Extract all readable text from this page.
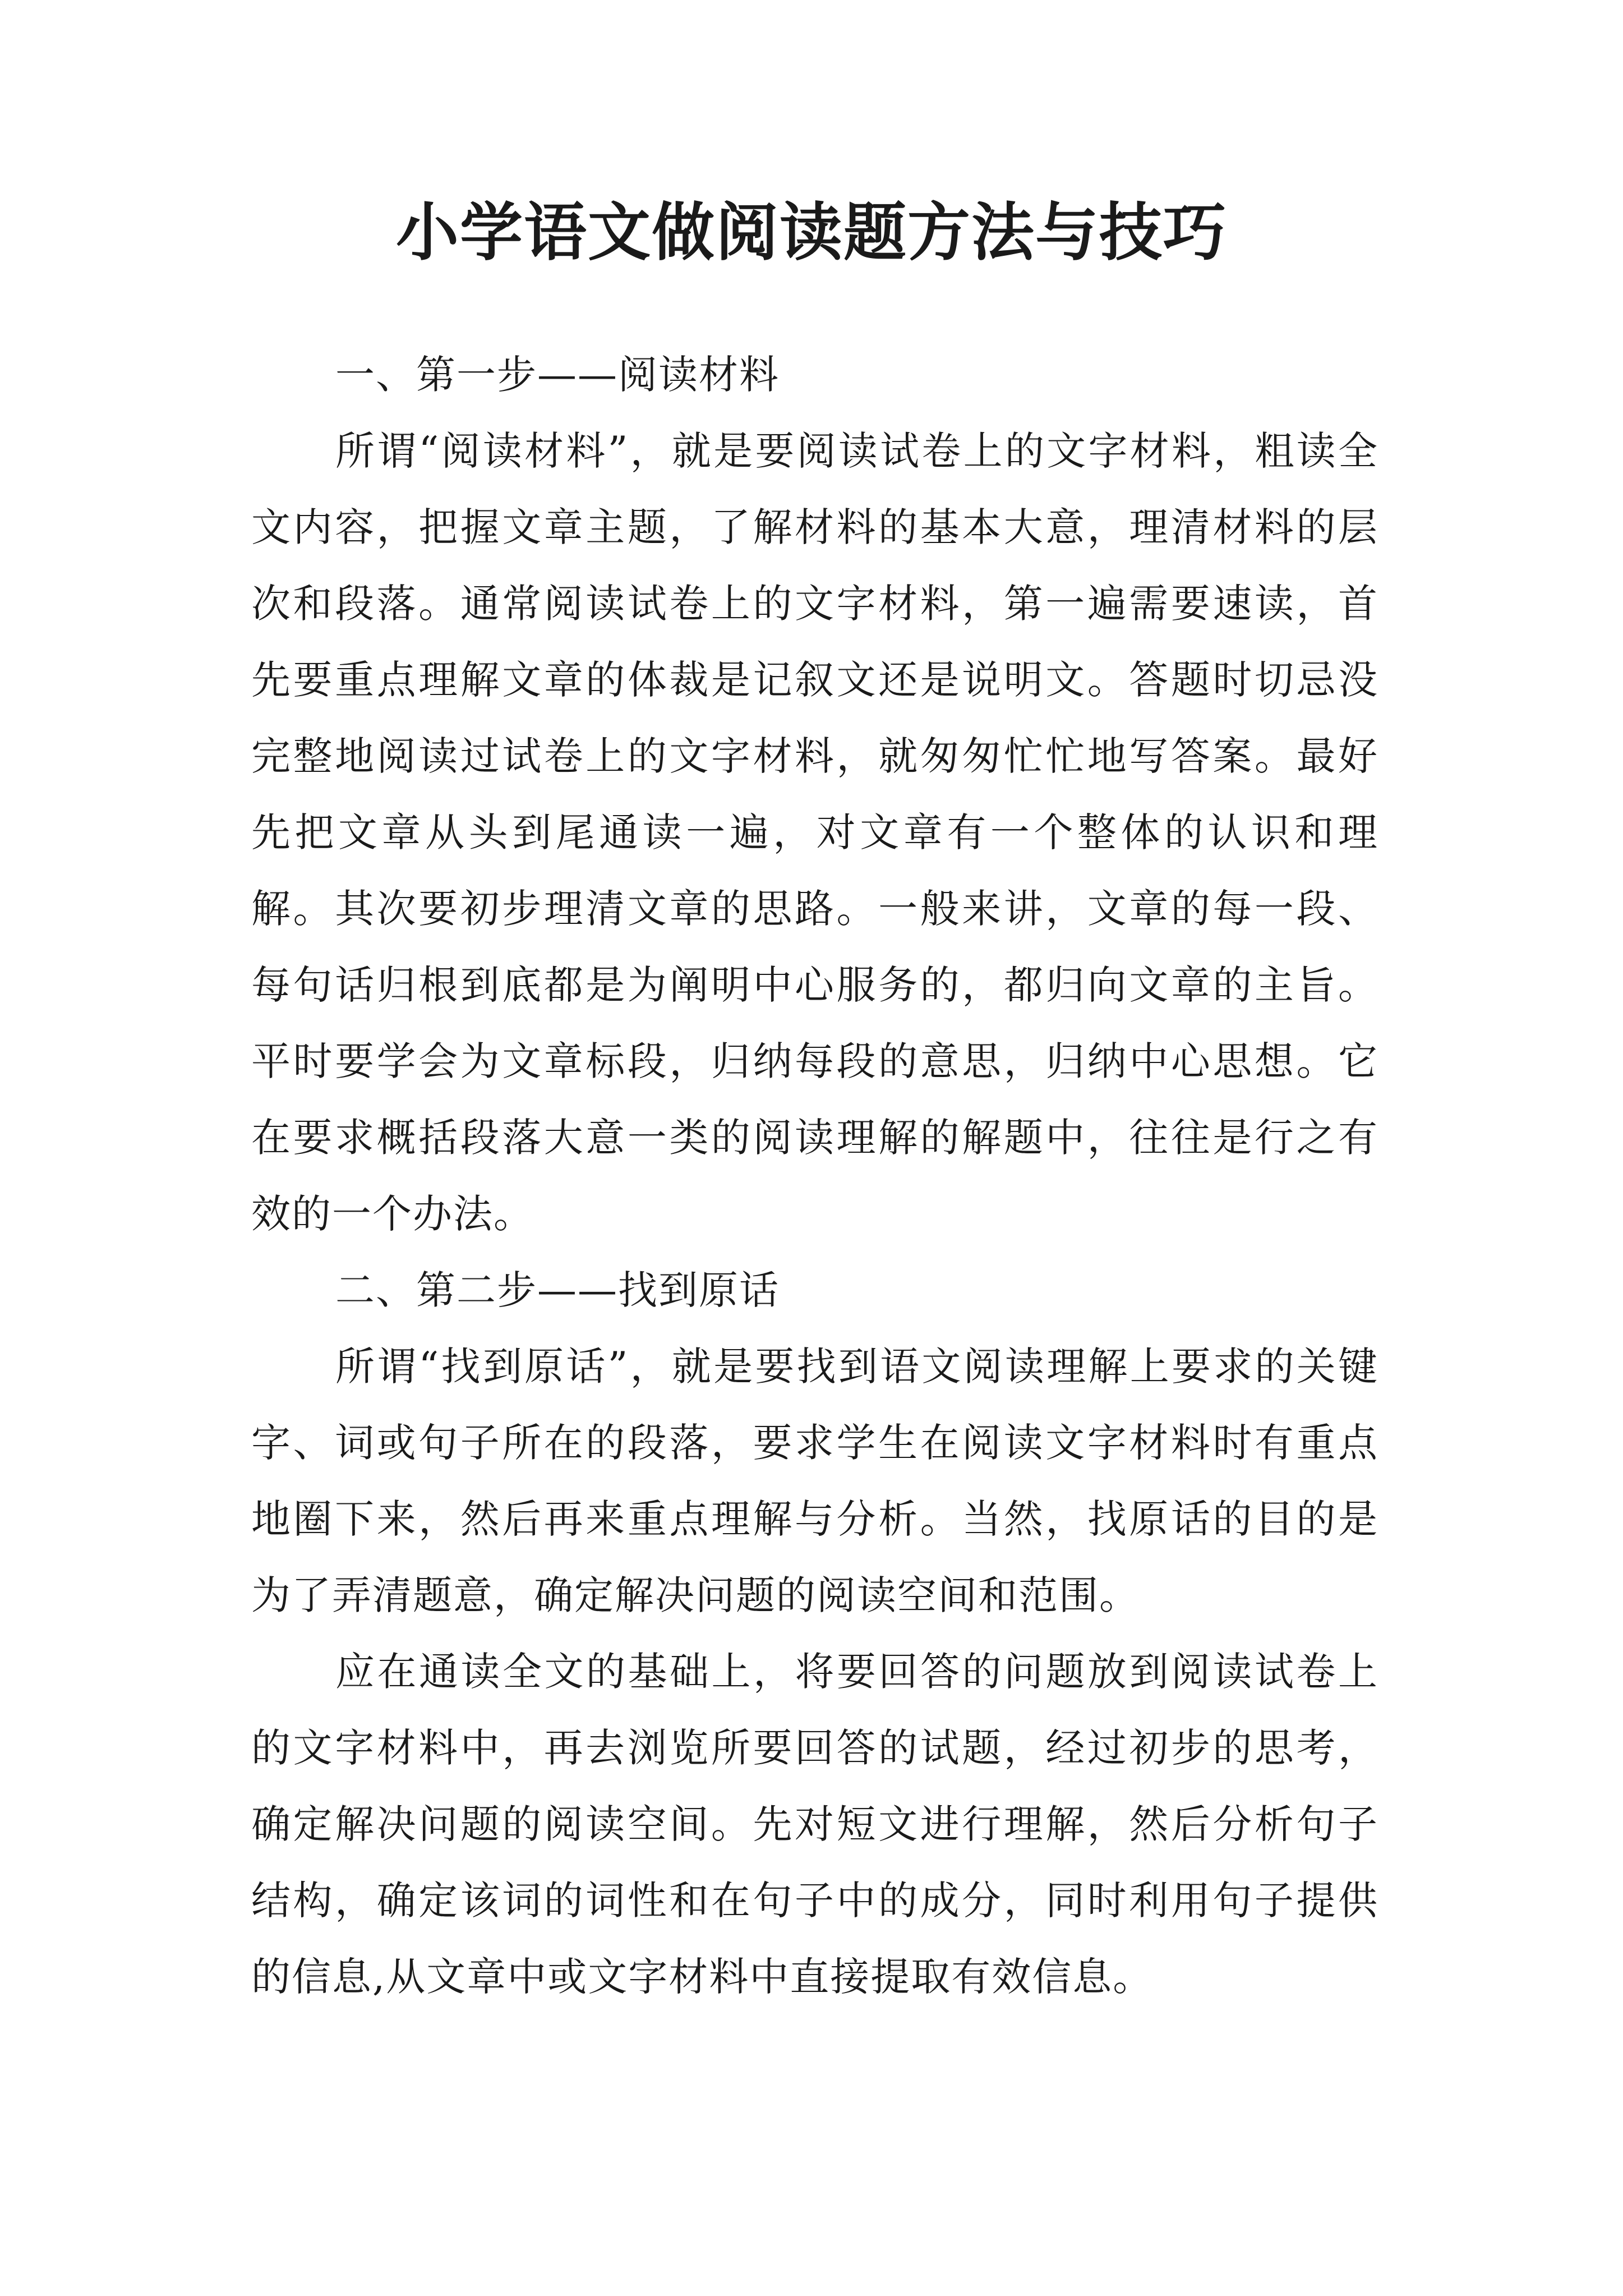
小学语文做阅读题方法与技巧

一、第一步——阅读材料

所谓“阅读材料”，就是要阅读试卷上的文字材料，粗读全文内容，把握文章主题，了解材料的基本大意，理清材料的层次和段落。通常阅读试卷上的文字材料，第一遍需要速读，首先要重点理解文章的体裁是记叙文还是说明文。答题时切忌没完整地阅读过试卷上的文字材料，就匆匆忙忙地写答案。最好先把文章从头到尾通读一遍，对文章有一个整体的认识和理解。其次要初步理清文章的思路。一般来讲，文章的每一段、每句话归根到底都是为阐明中心服务的，都归向文章的主旨。平时要学会为文章标段，归纳每段的意思，归纳中心思想。它在要求概括段落大意一类的阅读理解的解题中，往往是行之有效的一个办法。

二、第二步——找到原话

所谓“找到原话”，就是要找到语文阅读理解上要求的关键字、词或句子所在的段落，要求学生在阅读文字材料时有重点地圈下来，然后再来重点理解与分析。当然，找原话的目的是为了弄清题意，确定解决问题的阅读空间和范围。

应在通读全文的基础上，将要回答的问题放到阅读试卷上的文字材料中，再去浏览所要回答的试题，经过初步的思考，确定解决问题的阅读空间。先对短文进行理解，然后分析句子结构，确定该词的词性和在句子中的成分，同时利用句子提供的信息,从文章中或文字材料中直接提取有效信息。
